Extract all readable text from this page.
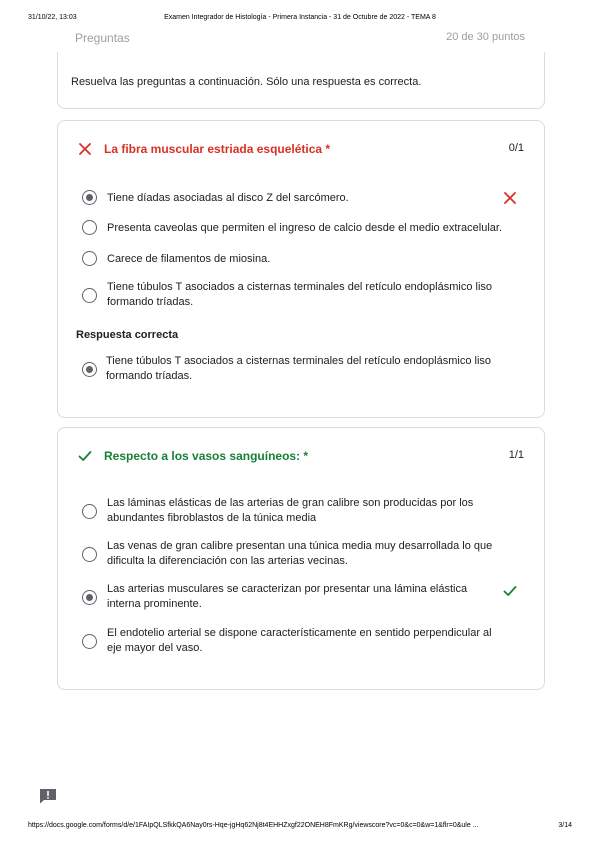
31/10/22, 13:03	Examen Integrador de Histología - Primera Instancia - 31 de Octubre de 2022 - TEMA 8
Preguntas	20 de 30 puntos
Resuelva las preguntas a continuación. Sólo una respuesta es correcta.
La fibra muscular estriada esquelética *	0/1
Tiene díadas asociadas al disco Z del sarcómero.
Presenta caveolas que permiten el ingreso de calcio desde el medio extracelular.
Carece de filamentos de miosina.
Tiene túbulos T asociados a cisternas terminales del retículo endoplásmico liso formando tríadas.
Respuesta correcta
Tiene túbulos T asociados a cisternas terminales del retículo endoplásmico liso formando tríadas.
Respecto a los vasos sanguíneos: *	1/1
Las láminas elásticas de las arterias de gran calibre son producidas por los abundantes fibroblastos de la túnica media
Las venas de gran calibre presentan una túnica media muy desarrollada lo que dificulta la diferenciación con las arterias vecinas.
Las arterias musculares se caracterizan por presentar una lámina elástica interna prominente.
El endotelio arterial se dispone característicamente en sentido perpendicular al eje mayor del vaso.
https://docs.google.com/forms/d/e/1FAIpQLSfkkQA6Nay0rs-Hqe-jgHq62Nj8t4EHHZxgf22ONEH8FmKRg/viewscore?vc=0&c=0&w=1&flr=0&ule ...	3/14
